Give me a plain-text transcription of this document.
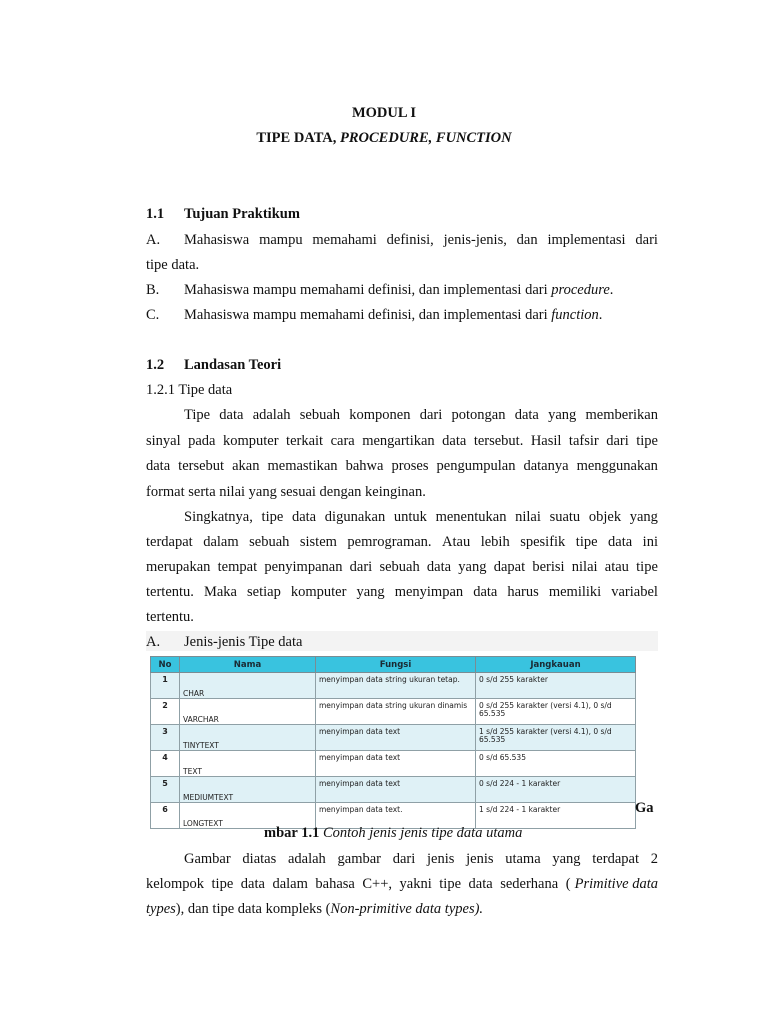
MODUL I
TIPE DATA, PROCEDURE, FUNCTION
1.1 Tujuan Praktikum
A. Mahasiswa mampu memahami definisi, jenis-jenis, dan implementasi dari
tipe data.
B. Mahasiswa mampu memahami definisi, dan implementasi dari procedure.
C. Mahasiswa mampu memahami definisi, dan implementasi dari function.
1.2 Landasan Teori
1.2.1 Tipe data
Tipe data adalah sebuah komponen dari potongan data yang memberikan
sinyal pada komputer terkait cara mengartikan data tersebut. Hasil tafsir dari tipe
data tersebut akan memastikan bahwa proses pengumpulan datanya menggunakan
format serta nilai yang sesuai dengan keinginan.
Singkatnya, tipe data digunakan untuk menentukan nilai suatu objek yang
terdapat dalam sebuah sistem pemrograman. Atau lebih spesifik tipe data ini
merupakan tempat penyimpanan dari sebuah data yang dapat berisi nilai atau tipe
tertentu. Maka setiap komputer yang menyimpan data harus memiliki variabel
tertentu.
A. Jenis-jenis Tipe data
No	Nama	Fungsi	Jangkauan
1	CHAR	menyimpan data string ukuran tetap.	0 s/d 255 karakter
2	VARCHAR	menyimpan data string ukuran dinamis	0 s/d 255 karakter (versi 4.1), 0 s/d 65.535
3	TINYTEXT	menyimpan data text	1 s/d 255 karakter (versi 4.1), 0 s/d 65.535
4	TEXT	menyimpan data text	0 s/d 65.535
5	MEDIUMTEXT	menyimpan data text	0 s/d 224 - 1 karakter
6	LONGTEXT	menyimpan data text.	1 s/d 224 - 1 karakter	Ga
mbar 1.1 Contoh jenis jenis tipe data utama
Gambar diatas adalah gambar dari jenis jenis utama yang terdapat 2
kelompok tipe data dalam bahasa C++, yakni tipe data sederhana ( Primitive data
types), dan tipe data kompleks (Non-primitive data types).
